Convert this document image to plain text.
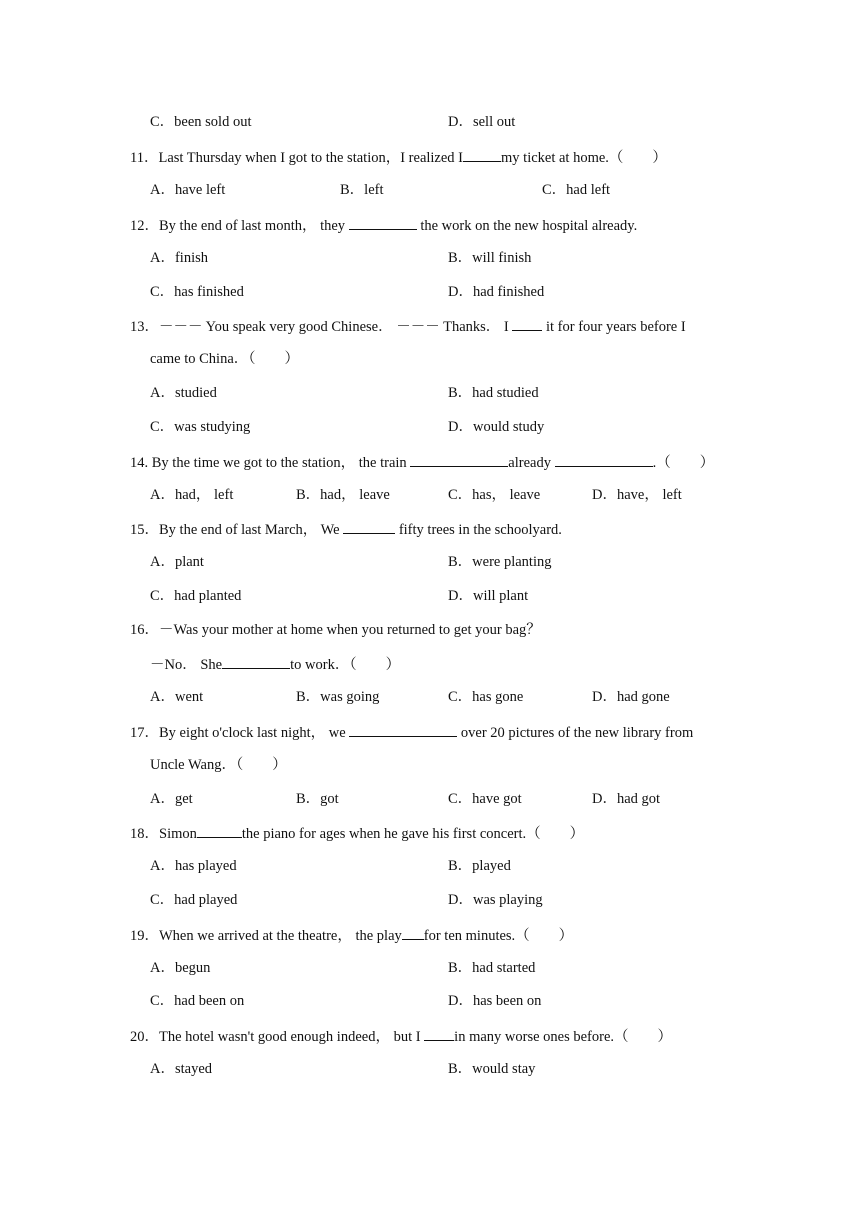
C．been sold out	D．sell out
11．Last Thursday when I got to the station，I realized I	my ticket at home.（　　）
A．have left	B．left	C．had left
12．By the end of last month， they	the work on the new hospital already.
A．finish	B．will finish
C．has finished	D．had finished
13．－－－ You speak very good Chinese． －－－ Thanks． I  it for four years before I
came to China．（　　）
A．studied	B．had studied
C．was studying	D．would study
14. By the time we got to the station， the train	already	.（　　）
A．had， left	B．had， leave	C．has， leave	D．have， left
15．By the end of last March， We	fifty trees in the schoolyard.
A．plant	B．were planting
C．had planted	D．will plant
16．－Was your mother at home when you returned to get your bag？
－No． She	to work．（　　）
A．went	B．was going	C．has gone	D．had gone
17．By eight o'clock last night， we	over 20 pictures of the new library from
Uncle Wang．（　　）
A．get	B．got	C．have got	D．had got
18．Simon	the piano for ages when he gave his first concert.（　　）
A．has played	B．played
C．had played	D．was playing
19．When we arrived at the theatre， the play for ten minutes.（　　）
A．begun	B．had started
C．had been on	D．has been on
20．The hotel wasn't good enough indeed， but I in many worse ones before.（　　）
A．stayed	B．would stay
